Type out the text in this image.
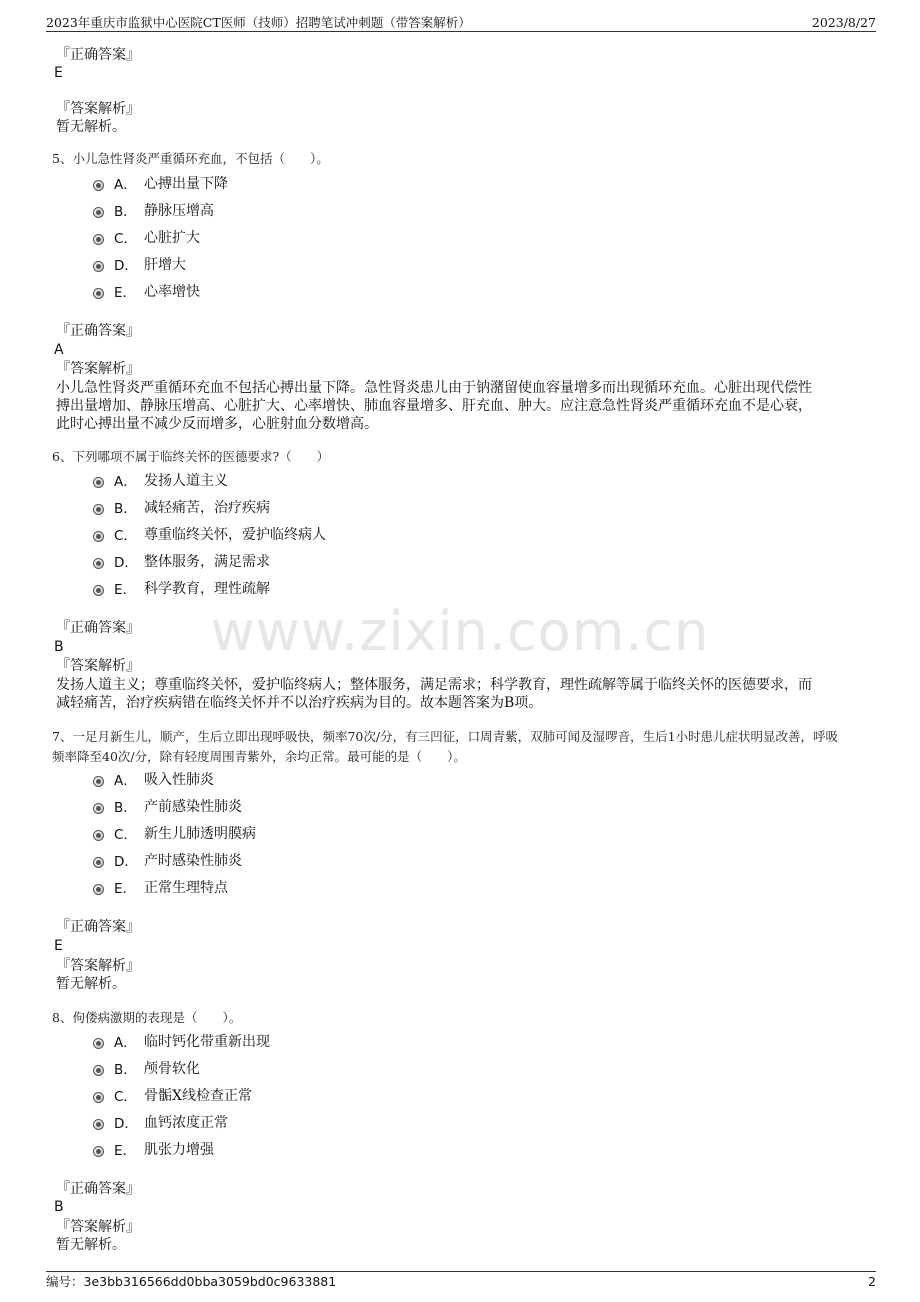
2023年重庆市监狱中心医院CT医师（技师）招聘笔试冲刺题（带答案解析）	2023/8/27
www.zixin.com.cn
『正确答案』
E
『答案解析』
暂无解析。
5、小儿急性肾炎严重循环充血，不包括（　　）。
A． 心搏出量下降
B． 静脉压增高
C． 心脏扩大
D． 肝增大
E． 心率增快
『正确答案』
A
『答案解析』
小儿急性肾炎严重循环充血不包括心搏出量下降。急性肾炎患儿由于钠潴留使血容量增多而出现循环充血。心脏出现代偿性
搏出量增加、静脉压增高、心脏扩大、心率增快、肺血容量增多、肝充血、肿大。应注意急性肾炎严重循环充血不是心衰，
此时心搏出量不减少反而增多，心脏射血分数增高。
6、下列哪项不属于临终关怀的医德要求?（　　）
A． 发扬人道主义
B． 减轻痛苦，治疗疾病
C． 尊重临终关怀，爱护临终病人
D． 整体服务，满足需求
E． 科学教育，理性疏解
『正确答案』
B
『答案解析』
发扬人道主义；尊重临终关怀，爱护临终病人；整体服务，满足需求；科学教育，理性疏解等属于临终关怀的医德要求，而
减轻痛苦，治疗疾病错在临终关怀并不以治疗疾病为目的。故本题答案为B项。
7、一足月新生儿，顺产，生后立即出现呼吸快，频率70次/分，有三凹征，口周青紫，双肺可闻及湿啰音，生后1小时患儿症状明显改善，呼吸
频率降至40次/分，除有轻度周围青紫外，余均正常。最可能的是（　　）。
A． 吸入性肺炎
B． 产前感染性肺炎
C． 新生儿肺透明膜病
D． 产时感染性肺炎
E． 正常生理特点
『正确答案』
E
『答案解析』
暂无解析。
8、佝偻病激期的表现是（　　）。
A． 临时钙化带重新出现
B． 颅骨软化
C． 骨骺X线检查正常
D． 血钙浓度正常
E． 肌张力增强
『正确答案』
B
『答案解析』
暂无解析。
编号：3e3bb316566dd0bba3059bd0c9633881	2
